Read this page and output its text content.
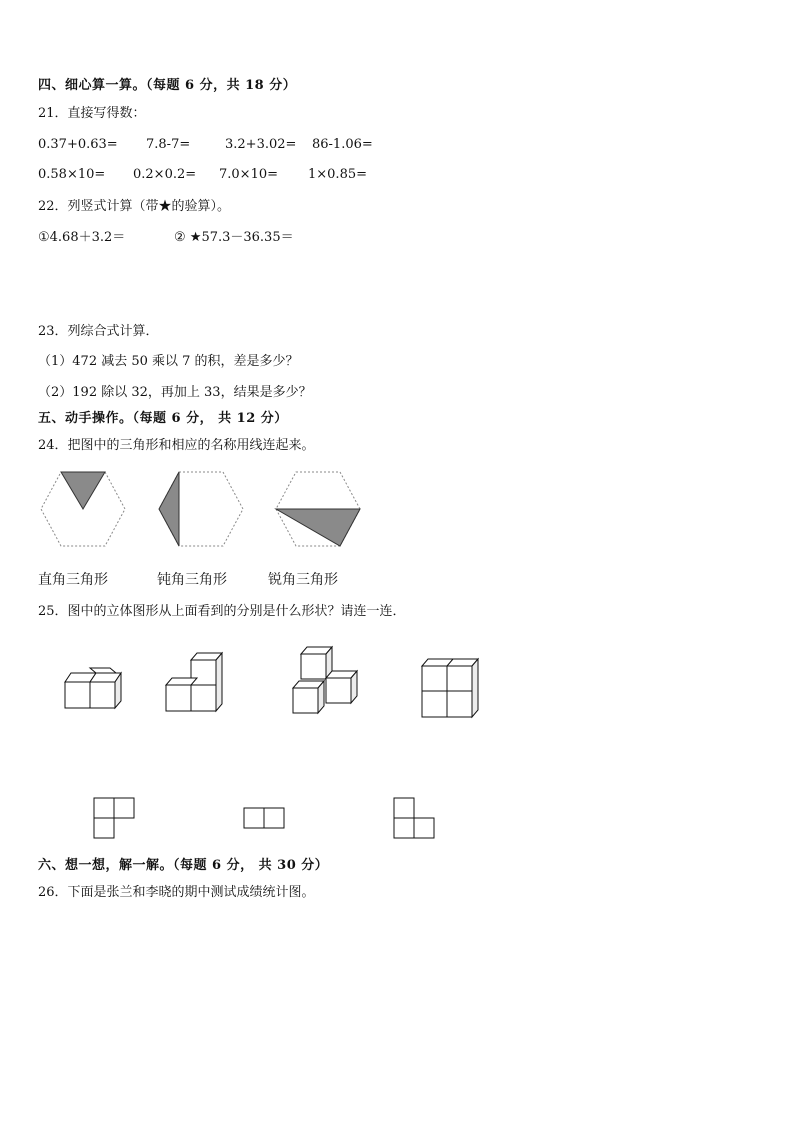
四、细心算一算。（每题 6 分，共 18 分）
21．直接写得数：
0.37+0.63= 7.8-7=	3.2+3.02= 86-1.06=
0.58×10= 0.2×0.2= 7.0×10= 1×0.85=
22．列竖式计算（带★的验算）。
①4.68＋3.2＝	② ★57.3－36.35＝
23．列综合式计算．
（1）472 减去 50 乘以 7 的积，差是多少？
（2）192 除以 32，再加上 33，结果是多少？
五、动手操作。（每题 6 分， 共 12 分）
24．把图中的三角形和相应的名称用线连起来。
直角三角形	钝角三角形	锐角三角形
25．图中的立体图形从上面看到的分别是什么形状？请连一连．
六、想一想，解一解。（每题 6 分， 共 30 分）
26．下面是张兰和李晓的期中测试成绩统计图。
